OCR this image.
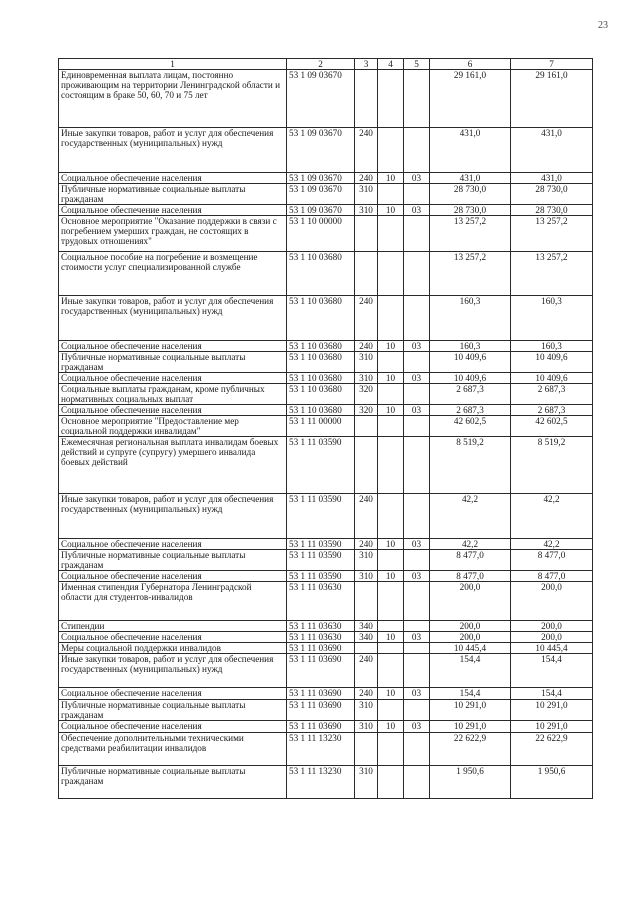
23
1	2	3	4	5	6	7
Единовременная выплата лицам, постоянно проживающим на территории Ленинградской области и состоящим в браке 50, 60, 70 и 75 лет	53 1 09 03670				29 161,0	29 161,0
Иные закупки товаров, работ и услуг для обеспечения государственных (муниципальных) нужд	53 1 09 03670	240			431,0	431,0
Социальное обеспечение населения	53 1 09 03670	240	10	03	431,0	431,0
Публичные нормативные социальные выплаты гражданам	53 1 09 03670	310			28 730,0	28 730,0
Социальное обеспечение населения	53 1 09 03670	310	10	03	28 730,0	28 730,0
Основное мероприятие "Оказание поддержки в связи с погребением умерших граждан, не состоящих в трудовых отношениях"	53 1 10 00000				13 257,2	13 257,2
Социальное пособие на погребение и возмещение стоимости услуг специализированной службе	53 1 10 03680				13 257,2	13 257,2
Иные закупки товаров, работ и услуг для обеспечения государственных (муниципальных) нужд	53 1 10 03680	240			160,3	160,3
Социальное обеспечение населения	53 1 10 03680	240	10	03	160,3	160,3
Публичные нормативные социальные выплаты гражданам	53 1 10 03680	310			10 409,6	10 409,6
Социальное обеспечение населения	53 1 10 03680	310	10	03	10 409,6	10 409,6
Социальные выплаты гражданам, кроме публичных нормативных социальных выплат	53 1 10 03680	320			2 687,3	2 687,3
Социальное обеспечение населения	53 1 10 03680	320	10	03	2 687,3	2 687,3
Основное мероприятие "Предоставление мер социальной поддержки инвалидам"	53 1 11 00000				42 602,5	42 602,5
Ежемесячная региональная выплата инвалидам боевых действий и супруге (супругу) умершего инвалида боевых действий	53 1 11 03590				8 519,2	8 519,2
Иные закупки товаров, работ и услуг для обеспечения государственных (муниципальных) нужд	53 1 11 03590	240			42,2	42,2
Социальное обеспечение населения	53 1 11 03590	240	10	03	42,2	42,2
Публичные нормативные социальные выплаты гражданам	53 1 11 03590	310			8 477,0	8 477,0
Социальное обеспечение населения	53 1 11 03590	310	10	03	8 477,0	8 477,0
Именная стипендия Губернатора Ленинградской области для студентов-инвалидов	53 1 11 03630				200,0	200,0
Стипендии	53 1 11 03630	340			200,0	200,0
Социальное обеспечение населения	53 1 11 03630	340	10	03	200,0	200,0
Меры социальной поддержки инвалидов	53 1 11 03690				10 445,4	10 445,4
Иные закупки товаров, работ и услуг для обеспечения государственных (муниципальных) нужд	53 1 11 03690	240			154,4	154,4
Социальное обеспечение населения	53 1 11 03690	240	10	03	154,4	154,4
Публичные нормативные социальные выплаты гражданам	53 1 11 03690	310			10 291,0	10 291,0
Социальное обеспечение населения	53 1 11 03690	310	10	03	10 291,0	10 291,0
Обеспечение дополнительными техническими средствами реабилитации инвалидов	53 1 11 13230				22 622,9	22 622,9
Публичные нормативные социальные выплаты гражданам	53 1 11 13230	310			1 950,6	1 950,6
